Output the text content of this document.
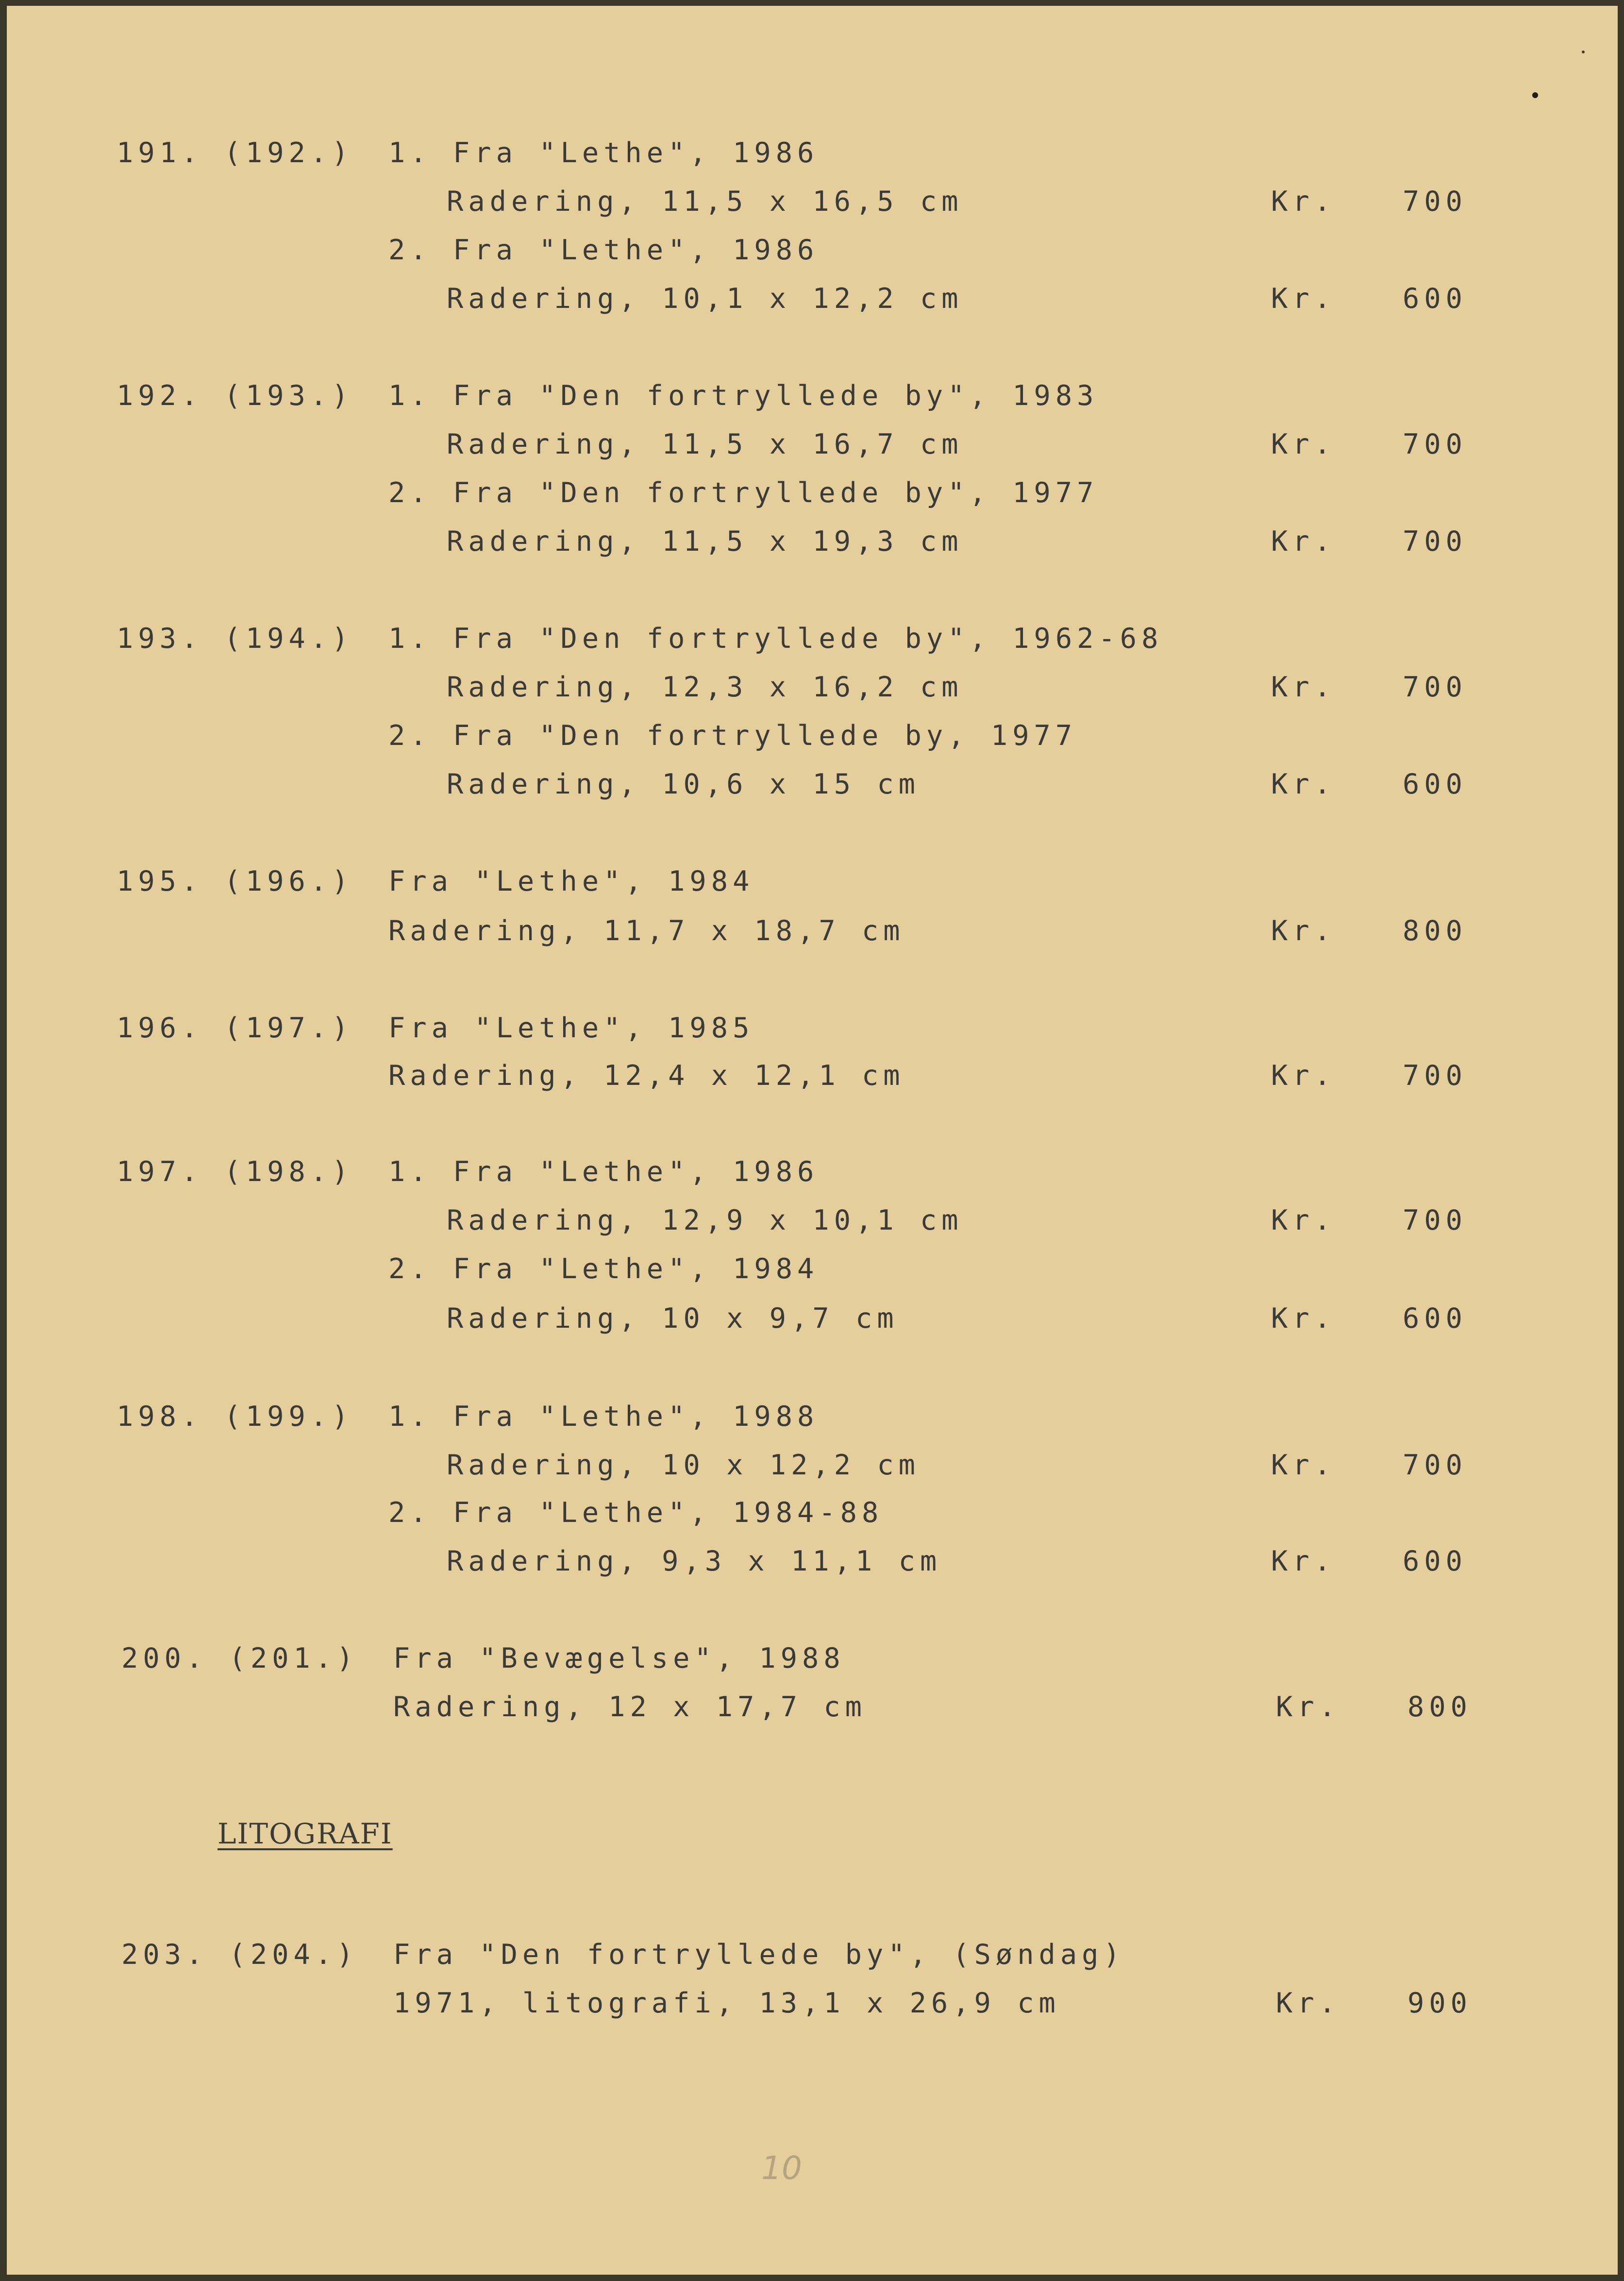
191. (192.) 1. Fra "Lethe", 1986
Radering, 11,5 x 16,5 cm	Kr. 700
2. Fra "Lethe", 1986
Radering, 10,1 x 12,2 cm	Kr. 600
192. (193.) 1. Fra "Den fortryllede by", 1983
Radering, 11,5 x 16,7 cm	Kr. 700
2. Fra "Den fortryllede by", 1977
Radering, 11,5 x 19,3 cm	Kr. 700
193. (194.) 1. Fra "Den fortryllede by", 1962-68
Radering, 12,3 x 16,2 cm	Kr. 700
2. Fra "Den fortryllede by, 1977
Radering, 10,6 x 15 cm	Kr. 600
195. (196.) Fra "Lethe", 1984
Radering, 11,7 x 18,7 cm	Kr. 800
196. (197.) Fra "Lethe", 1985
Radering, 12,4 x 12,1 cm	Kr. 700
197. (198.) 1. Fra "Lethe", 1986
Radering, 12,9 x 10,1 cm	Kr. 700
2. Fra "Lethe", 1984
Radering, 10 x 9,7 cm	Kr. 600
198. (199.) 1. Fra "Lethe", 1988
Radering, 10 x 12,2 cm	Kr. 700
2. Fra "Lethe", 1984-88
Radering, 9,3 x 11,1 cm	Kr. 600
200. (201.) Fra "Bevægelse", 1988
Radering, 12 x 17,7 cm	Kr. 800
LITOGRAFI
203. (204.) Fra "Den fortryllede by", (Søndag)
1971, litografi, 13,1 x 26,9 cm	Kr. 900
10
